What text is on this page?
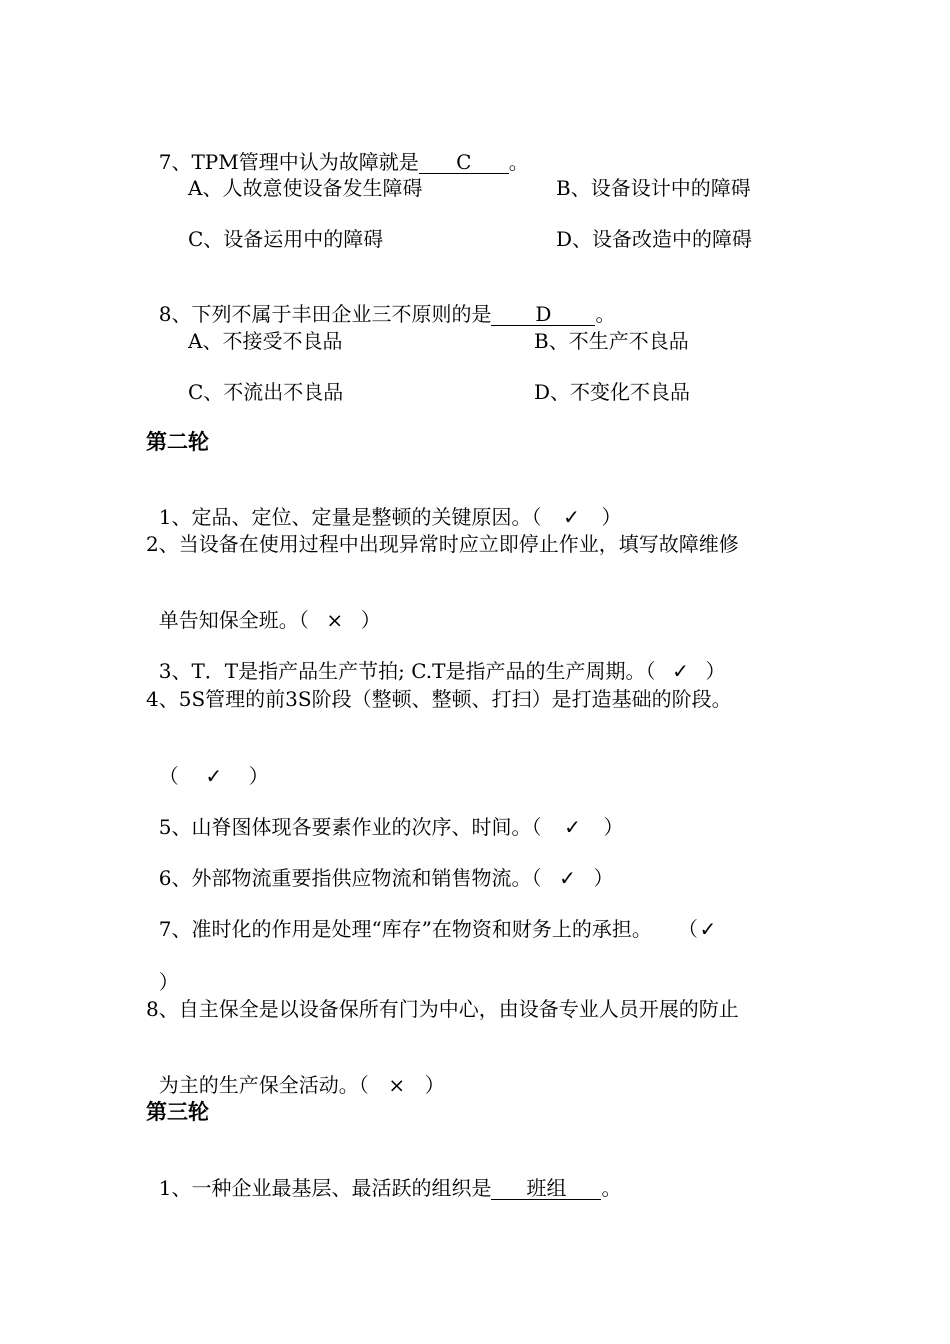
7、TPM管理中认为故障就是 C 。

A、人故意使设备发生障碍	B、设备设计中的障碍
C、设备运用中的障碍	D、设备改造中的障碍

8、下列不属于丰田企业三不原则的是 D 。

A、不接受不良品	B、不生产不良品
C、不流出不良品	D、不变化不良品
第二轮

1、定品、定位、定量是整顿的关键原因。（ ✓ ）

2、当设备在使用过程中出现异常时应立即停止作业，填写故障维修

单告知保全班。（ × ）

3、T．T是指产品生产节拍; C.T是指产品的生产周期。（ ✓ ）

4、5S管理的前3S阶段（整顿、整顿、打扫）是打造基础的阶段。

（ ✓ ）

5、山脊图体现各要素作业的次序、时间。（ ✓ ）

6、外部物流重要指供应物流和销售物流。（ ✓ ）

7、准时化的作用是处理“库存”在物资和财务上的承担。 （✓

）

8、自主保全是以设备保所有门为中心，由设备专业人员开展的防止

为主的生产保全活动。（ × ）

第三轮

1、一种企业最基层、最活跃的组织是 班组 。
